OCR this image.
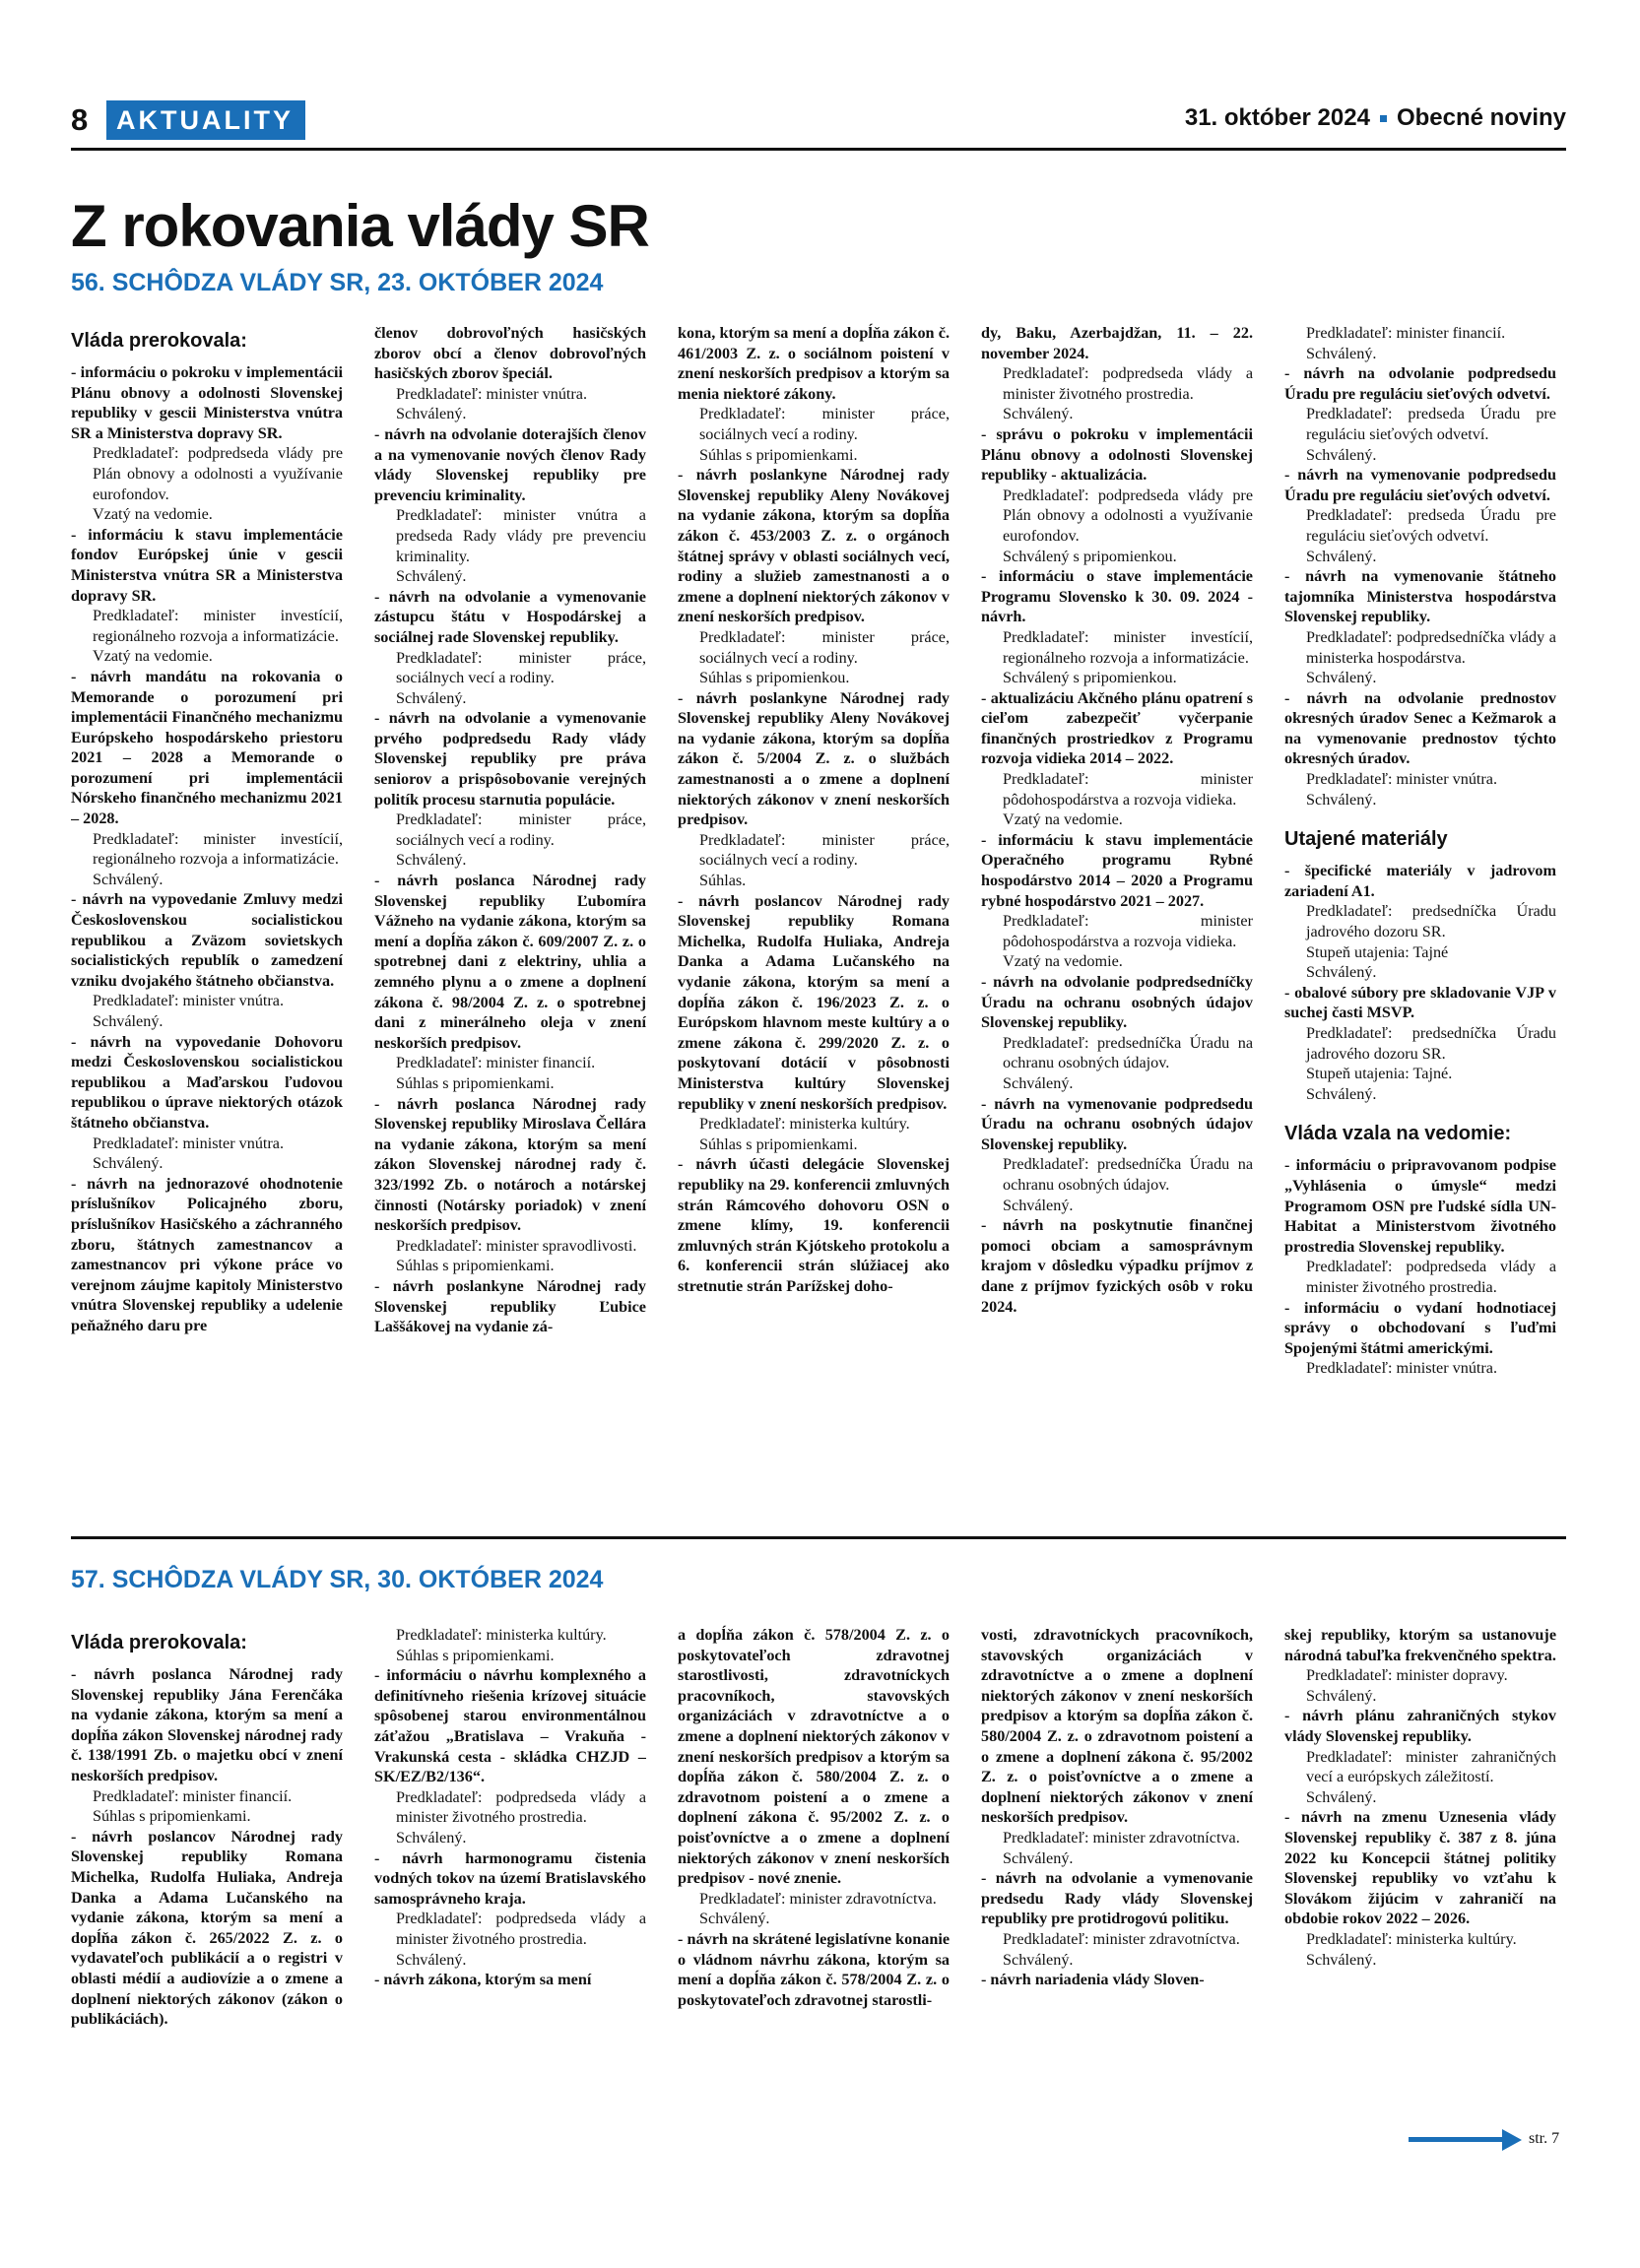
8	AKTUALITY	31. október 2024 Obecné noviny
Z rokovania vlády SR
56. SCHÔDZA VLÁDY SR, 23. OKTÓBER 2024
Vláda prerokovala:

- informáciu o pokroku v implementácii Plánu obnovy a odolnosti Slovenskej republiky v gescii Ministerstva vnútra SR a Ministerstva dopravy SR.

Predkladateľ: podpredseda vlády pre Plán obnovy a odolnosti a využívanie eurofondov.

Vzatý na vedomie.

- informáciu k stavu implementácie fondov Európskej únie v gescii Ministerstva vnútra SR a Ministerstva dopravy SR.

Predkladateľ: minister investícií, regionálneho rozvoja a informatizácie.

Vzatý na vedomie.

- návrh mandátu na rokovania o Memorande o porozumení pri implementácii Finančného mechanizmu Európskeho hospodárskeho priestoru 2021 – 2028 a Memorande o porozumení pri implementácii Nórskeho finančného mechanizmu 2021 – 2028.

Predkladateľ: minister investícií, regionálneho rozvoja a informatizácie.

Schválený.

- návrh na vypovedanie Zmluvy medzi Československou socialistickou republikou a Zväzom sovietskych socialistických republík o zamedzení vzniku dvojakého štátneho občianstva.

Predkladateľ: minister vnútra.

Schválený.

- návrh na vypovedanie Dohovoru medzi Československou socialistickou republikou a Maďarskou ľudovou republikou o úprave niektorých otázok štátneho občianstva.

Predkladateľ: minister vnútra.

Schválený.

- návrh na jednorazové ohodnotenie príslušníkov Policajného zboru, príslušníkov Hasičského a záchranného zboru, štátnych zamestnancov a zamestnancov pri výkone práce vo verejnom záujme kapitoly Ministerstvo vnútra Slovenskej republiky a udelenie peňažného daru pre

členov dobrovoľných hasičských zborov obcí a členov dobrovoľných hasičských zborov špeciál.

Predkladateľ: minister vnútra.

Schválený.

- návrh na odvolanie doterajších členov a na vymenovanie nových členov Rady vlády Slovenskej republiky pre prevenciu kriminality.

Predkladateľ: minister vnútra a predseda Rady vlády pre prevenciu kriminality.

Schválený.

- návrh na odvolanie a vymenovanie zástupcu štátu v Hospodárskej a sociálnej rade Slovenskej republiky.

Predkladateľ: minister práce, sociálnych vecí a rodiny.

Schválený.

- návrh na odvolanie a vymenovanie prvého podpredsedu Rady vlády Slovenskej republiky pre práva seniorov a prispôsobovanie verejných politík procesu starnutia populácie.

Predkladateľ: minister práce, sociálnych vecí a rodiny.

Schválený.

- návrh poslanca Národnej rady Slovenskej republiky Ľubomíra Vážneho na vydanie zákona, ktorým sa mení a dopĺňa zákon č. 609/2007 Z. z. o spotrebnej dani z elektriny, uhlia a zemného plynu a o zmene a doplnení zákona č. 98/2004 Z. z. o spotrebnej dani z minerálneho oleja v znení neskorších predpisov.

Predkladateľ: minister financií.

Súhlas s pripomienkami.

- návrh poslanca Národnej rady Slovenskej republiky Miroslava Čellára na vydanie zákona, ktorým sa mení zákon Slovenskej národnej rady č. 323/1992 Zb. o notároch a notárskej činnosti (Notársky poriadok) v znení neskorších predpisov.

Predkladateľ: minister spravodlivosti.

Súhlas s pripomienkami.

- návrh poslankyne Národnej rady Slovenskej republiky Ľubice Laššákovej na vydanie zá-

kona, ktorým sa mení a dopĺňa zákon č. 461/2003 Z. z. o sociálnom poistení v znení neskorších predpisov a ktorým sa menia niektoré zákony.

Predkladateľ: minister práce, sociálnych vecí a rodiny.

Súhlas s pripomienkami.

- návrh poslankyne Národnej rady Slovenskej republiky Aleny Novákovej na vydanie zákona, ktorým sa dopĺňa zákon č. 453/2003 Z. z. o orgánoch štátnej správy v oblasti sociálnych vecí, rodiny a služieb zamestnanosti a o zmene a doplnení niektorých zákonov v znení neskorších predpisov.

Predkladateľ: minister práce, sociálnych vecí a rodiny.

Súhlas s pripomienkou.

- návrh poslankyne Národnej rady Slovenskej republiky Aleny Novákovej na vydanie zákona, ktorým sa dopĺňa zákon č. 5/2004 Z. z. o službách zamestnanosti a o zmene a doplnení niektorých zákonov v znení neskorších predpisov.

Predkladateľ: minister práce, sociálnych vecí a rodiny.

Súhlas.

- návrh poslancov Národnej rady Slovenskej republiky Romana Michelka, Rudolfa Huliaka, Andreja Danka a Adama Lučanského na vydanie zákona, ktorým sa mení a dopĺňa zákon č. 196/2023 Z. z. o Európskom hlavnom meste kultúry a o zmene zákona č. 299/2020 Z. z. o poskytovaní dotácií v pôsobnosti Ministerstva kultúry Slovenskej republiky v znení neskorších predpisov.

Predkladateľ: ministerka kultúry.

Súhlas s pripomienkami.

- návrh účasti delegácie Slovenskej republiky na 29. konferencii zmluvných strán Rámcového dohovoru OSN o zmene klímy, 19. konferencii zmluvných strán Kjótskeho protokolu a 6. konferencii strán slúžiacej ako stretnutie strán Parížskej doho-

dy, Baku, Azerbajdžan, 11. – 22. november 2024.

Predkladateľ: podpredseda vlády a minister životného prostredia.

Schválený.

- správu o pokroku v implementácii Plánu obnovy a odolnosti Slovenskej republiky - aktualizácia.

Predkladateľ: podpredseda vlády pre Plán obnovy a odolnosti a využívanie eurofondov.

Schválený s pripomienkou.

- informáciu o stave implementácie Programu Slovensko k 30. 09. 2024 - návrh.

Predkladateľ: minister investícií, regionálneho rozvoja a informatizácie.

Schválený s pripomienkou.

- aktualizáciu Akčného plánu opatrení s cieľom zabezpečiť vyčerpanie finančných prostriedkov z Programu rozvoja vidieka 2014 – 2022.

Predkladateľ: minister pôdohospodárstva a rozvoja vidieka.

Vzatý na vedomie.

- informáciu k stavu implementácie Operačného programu Rybné hospodárstvo 2014 – 2020 a Programu rybné hospodárstvo 2021 – 2027.

Predkladateľ: minister pôdohospodárstva a rozvoja vidieka.

Vzatý na vedomie.

- návrh na odvolanie podpredsedníčky Úradu na ochranu osobných údajov Slovenskej republiky.

Predkladateľ: predsedníčka Úradu na ochranu osobných údajov.

Schválený.

- návrh na vymenovanie podpredsedu Úradu na ochranu osobných údajov Slovenskej republiky.

Predkladateľ: predsedníčka Úradu na ochranu osobných údajov.

Schválený.

- návrh na poskytnutie finančnej pomoci obciam a samosprávnym krajom v dôsledku výpadku príjmov z dane z príjmov fyzických osôb v roku 2024.

Predkladateľ: minister financií.

Schválený.

- návrh na odvolanie podpredsedu Úradu pre reguláciu sieťových odvetví.

Predkladateľ: predseda Úradu pre reguláciu sieťových odvetví.

Schválený.

- návrh na vymenovanie podpredsedu Úradu pre reguláciu sieťových odvetví.

Predkladateľ: predseda Úradu pre reguláciu sieťových odvetví.

Schválený.

- návrh na vymenovanie štátneho tajomníka Ministerstva hospodárstva Slovenskej republiky.

Predkladateľ: podpredsedníčka vlády a ministerka hospodárstva.

Schválený.

- návrh na odvolanie prednostov okresných úradov Senec a Kežmarok a na vymenovanie prednostov týchto okresných úradov.

Predkladateľ: minister vnútra.

Schválený.

Utajené materiály

- špecifické materiály v jadrovom zariadení A1.

Predkladateľ: predsedníčka Úradu jadrového dozoru SR.

Stupeň utajenia: Tajné

Schválený.

- obalové súbory pre skladovanie VJP v suchej časti MSVP.

Predkladateľ: predsedníčka Úradu jadrového dozoru SR.

Stupeň utajenia: Tajné.

Schválený.

Vláda vzala na vedomie:

- informáciu o pripravovanom podpise „Vyhlásenia o úmysle“ medzi Programom OSN pre ľudské sídla UN-Habitat a Ministerstvom životného prostredia Slovenskej republiky.

Predkladateľ: podpredseda vlády a minister životného prostredia.

- informáciu o vydaní hodnotiacej správy o obchodovaní s ľuďmi Spojenými štátmi americkými.

Predkladateľ: minister vnútra.

57. SCHÔDZA VLÁDY SR, 30. OKTÓBER 2024
Vláda prerokovala:

- návrh poslanca Národnej rady Slovenskej republiky Jána Ferenčáka na vydanie zákona, ktorým sa mení a dopĺňa zákon Slovenskej národnej rady č. 138/1991 Zb. o majetku obcí v znení neskorších predpisov.

Predkladateľ: minister financií.

Súhlas s pripomienkami.

- návrh poslancov Národnej rady Slovenskej republiky Romana Michelka, Rudolfa Huliaka, Andreja Danka a Adama Lučanského na vydanie zákona, ktorým sa mení a dopĺňa zákon č. 265/2022 Z. z. o vydavateľoch publikácií a o registri v oblasti médií a audiovízie a o zmene a doplnení niektorých zákonov (zákon o publikáciách).

Predkladateľ: ministerka kultúry.

Súhlas s pripomienkami.

- informáciu o návrhu komplexného a definitívneho riešenia krízovej situácie spôsobenej starou environmentálnou záťažou „Bratislava – Vrakuňa - Vrakunská cesta - skládka CHZJD – SK/EZ/B2/136“.

Predkladateľ: podpredseda vlády a minister životného prostredia.

Schválený.

- návrh harmonogramu čistenia vodných tokov na území Bratislavského samosprávneho kraja.

Predkladateľ: podpredseda vlády a minister životného prostredia.

Schválený.

- návrh zákona, ktorým sa mení

a dopĺňa zákon č. 578/2004 Z. z. o poskytovateľoch zdravotnej starostlivosti, zdravotníckych pracovníkoch, stavovských organizáciách v zdravotníctve a o zmene a doplnení niektorých zákonov v znení neskorších predpisov a ktorým sa dopĺňa zákon č. 580/2004 Z. z. o zdravotnom poistení a o zmene a doplnení zákona č. 95/2002 Z. z. o poisťovníctve a o zmene a doplnení niektorých zákonov v znení neskorších predpisov - nové znenie.

Predkladateľ: minister zdravotníctva.

Schválený.

- návrh na skrátené legislatívne konanie o vládnom návrhu zákona, ktorým sa mení a dopĺňa zákon č. 578/2004 Z. z. o poskytovateľoch zdravotnej starostli-

vosti, zdravotníckych pracovníkoch, stavovských organizáciách v zdravotníctve a o zmene a doplnení niektorých zákonov v znení neskorších predpisov a ktorým sa dopĺňa zákon č. 580/2004 Z. z. o zdravotnom poistení a o zmene a doplnení zákona č. 95/2002 Z. z. o poisťovníctve a o zmene a doplnení niektorých zákonov v znení neskorších predpisov.

Predkladateľ: minister zdravotníctva.

Schválený.

- návrh na odvolanie a vymenovanie predsedu Rady vlády Slovenskej republiky pre protidrogovú politiku.

Predkladateľ: minister zdravotníctva.

Schválený.

- návrh nariadenia vlády Sloven-

skej republiky, ktorým sa ustanovuje národná tabuľka frekvenčného spektra.

Predkladateľ: minister dopravy.

Schválený.

- návrh plánu zahraničných stykov vlády Slovenskej republiky.

Predkladateľ: minister zahraničných vecí a európskych záležitostí.

Schválený.

- návrh na zmenu Uznesenia vlády Slovenskej republiky č. 387 z 8. júna 2022 ku Koncepcii štátnej politiky Slovenskej republiky vo vzťahu k Slovákom žijúcim v zahraničí na obdobie rokov 2022 – 2026.

Predkladateľ: ministerka kultúry.

Schválený.

str. 7
